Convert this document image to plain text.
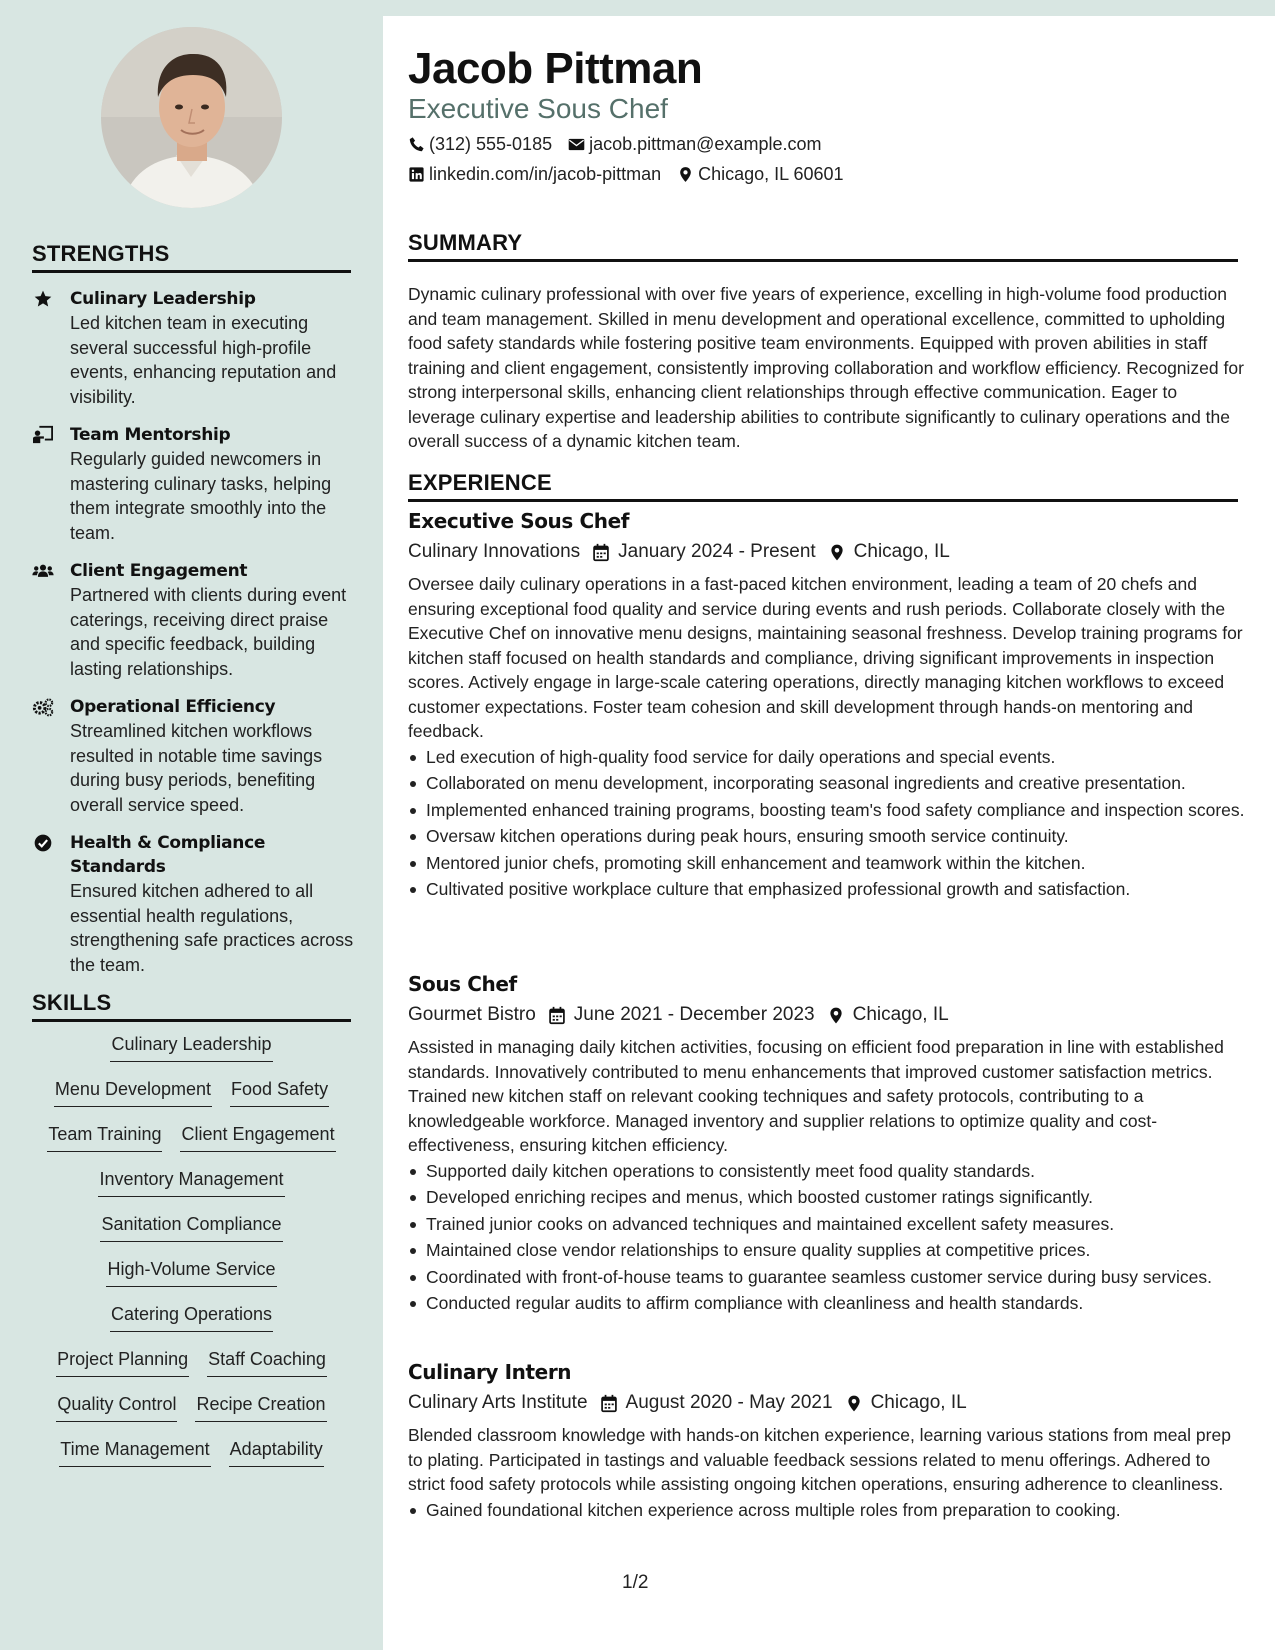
STRENGTHS
Culinary Leadership
Led kitchen team in executing several successful high-profile events, enhancing reputation and visibility.
Team Mentorship
Regularly guided newcomers in mastering culinary tasks, helping them integrate smoothly into the team.
Client Engagement
Partnered with clients during event caterings, receiving direct praise and specific feedback, building lasting relationships.
Operational Efficiency
Streamlined kitchen workflows resulted in notable time savings during busy periods, benefiting overall service speed.
Health & Compliance Standards
Ensured kitchen adhered to all essential health regulations, strengthening safe practices across the team.
SKILLS
Culinary Leadership
Menu Development Food Safety
Team Training Client Engagement
Inventory Management
Sanitation Compliance
High-Volume Service
Catering Operations
Project Planning Staff Coaching
Quality Control Recipe Creation
Time Management Adaptability
Jacob Pittman
Executive Sous Chef
(312) 555-0185 jacob.pittman@example.com
linkedin.com/in/jacob-pittman Chicago, IL 60601
SUMMARY

Dynamic culinary professional with over five years of experience, excelling in high-volume food production and team management. Skilled in menu development and operational excellence, committed to upholding food safety standards while fostering positive team environments. Equipped with proven abilities in staff training and client engagement, consistently improving collaboration and workflow efficiency. Recognized for strong interpersonal skills, enhancing client relationships through effective communication. Eager to leverage culinary expertise and leadership abilities to contribute significantly to culinary operations and the overall success of a dynamic kitchen team.

EXPERIENCE
Executive Sous Chef
Culinary Innovations January 2024 - Present Chicago, IL

Oversee daily culinary operations in a fast-paced kitchen environment, leading a team of 20 chefs and ensuring exceptional food quality and service during events and rush periods. Collaborate closely with the Executive Chef on innovative menu designs, maintaining seasonal freshness. Develop training programs for kitchen staff focused on health standards and compliance, driving significant improvements in inspection scores. Actively engage in large-scale catering operations, directly managing kitchen workflows to exceed customer expectations. Foster team cohesion and skill development through hands-on mentoring and feedback.

Led execution of high-quality food service for daily operations and special events.
Collaborated on menu development, incorporating seasonal ingredients and creative presentation.
Implemented enhanced training programs, boosting team's food safety compliance and inspection scores.
Oversaw kitchen operations during peak hours, ensuring smooth service continuity.
Mentored junior chefs, promoting skill enhancement and teamwork within the kitchen.
Cultivated positive workplace culture that emphasized professional growth and satisfaction.
Sous Chef
Gourmet Bistro June 2021 - December 2023 Chicago, IL

Assisted in managing daily kitchen activities, focusing on efficient food preparation in line with established standards. Innovatively contributed to menu enhancements that improved customer satisfaction metrics. Trained new kitchen staff on relevant cooking techniques and safety protocols, contributing to a knowledgeable workforce. Managed inventory and supplier relations to optimize quality and cost-effectiveness, ensuring kitchen efficiency.

Supported daily kitchen operations to consistently meet food quality standards.
Developed enriching recipes and menus, which boosted customer ratings significantly.
Trained junior cooks on advanced techniques and maintained excellent safety measures.
Maintained close vendor relationships to ensure quality supplies at competitive prices.
Coordinated with front-of-house teams to guarantee seamless customer service during busy services.
Conducted regular audits to affirm compliance with cleanliness and health standards.
Culinary Intern
Culinary Arts Institute August 2020 - May 2021 Chicago, IL

Blended classroom knowledge with hands-on kitchen experience, learning various stations from meal prep to plating. Participated in tastings and valuable feedback sessions related to menu offerings. Adhered to strict food safety protocols while assisting ongoing kitchen operations, ensuring adherence to cleanliness.

Gained foundational kitchen experience across multiple roles from preparation to cooking.
1/2
